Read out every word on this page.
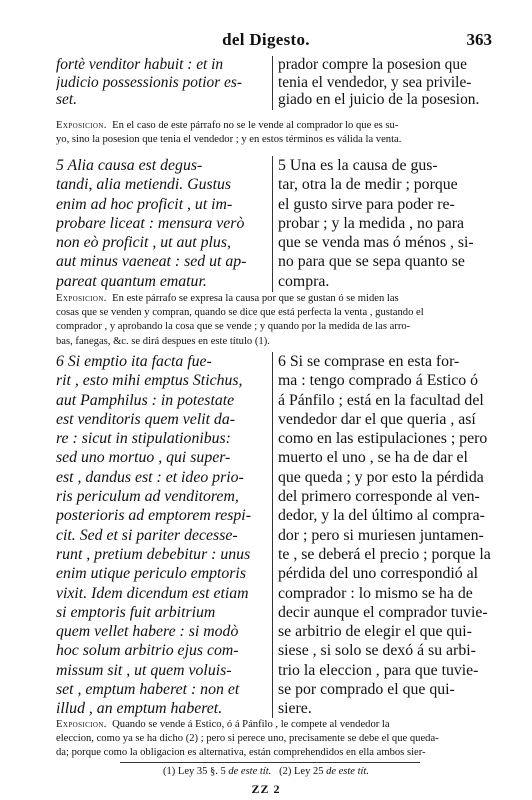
del Digesto.	363
fortè venditor habuit : et in
judicio possessionis potior es-
set.
prador compre la posesion que
tenia el vendedor, y sea privile-
giado en el juicio de la posesion.
Exposicion. En el caso de este párrafo no se le vende al comprador lo que es su-
yo, sino la posesion que tenia el vendedor ; y en estos términos es válida la venta.
5 Alia causa est degus-
tandi, alia metiendi. Gustus
enim ad hoc proficit , ut im-
probare liceat : mensura verò
non eò proficit , ut aut plus,
aut minus vaeneat : sed ut ap-
pareat quantum ematur.
5 Una es la causa de gus-
tar, otra la de medir ; porque
el gusto sirve para poder re-
probar ; y la medida , no para
que se venda mas ó ménos , si-
no para que se sepa quanto se
compra.
Exposicion. En este párrafo se expresa la causa por que se gustan ó se miden las
cosas que se venden y compran, quando se dice que está perfecta la venta , gustando el
comprador , y aprobando la cosa que se vende ; y quando por la medida de las arro-
bas, fanegas, &c. se dirá despues en este título (1).
6 Si emptio ita facta fue-
rit , esto mihi emptus Stichus,
aut Pamphilus : in potestate
est venditoris quem velit da-
re : sicut in stipulationibus:
sed uno mortuo , qui super-
est , dandus est : et ideo prio-
ris periculum ad venditorem,
posterioris ad emptorem respi-
cit. Sed et si pariter decesse-
runt , pretium debebitur : unus
enim utique periculo emptoris
vixit. Idem dicendum est etiam
si emptoris fuit arbitrium
quem vellet habere : si modò
hoc solum arbitrio ejus com-
missum sit , ut quem voluis-
set , emptum haberet : non et
illud , an emptum haberet.
6 Si se comprase en esta for-
ma : tengo comprado á Estico ó
á Pánfilo ; está en la facultad del
vendedor dar el que queria , así
como en las estipulaciones ; pero
muerto el uno , se ha de dar el
que queda ; y por esto la pérdida
del primero corresponde al ven-
dedor, y la del último al compra-
dor ; pero si muriesen juntamen-
te , se deberá el precio ; porque la
pérdida del uno correspondió al
comprador : lo mismo se ha de
decir aunque el comprador tuvie-
se arbitrio de elegir el que qui-
siese , si solo se dexó á su arbi-
trio la eleccion , para que tuvie-
se por comprado el que qui-
siere.
Exposicion. Quando se vende á Estico, ó á Pánfilo , le compete al vendedor la
eleccion, como ya se ha dicho (2) ; pero si perece uno, precisamente se debe el que queda-
da; porque como la obligacion es alternativa, están comprehendidos en ella ambos sier-
(1) Ley 35 §. 5 de este tít. (2) Ley 25 de este tít.
ZZ 2
